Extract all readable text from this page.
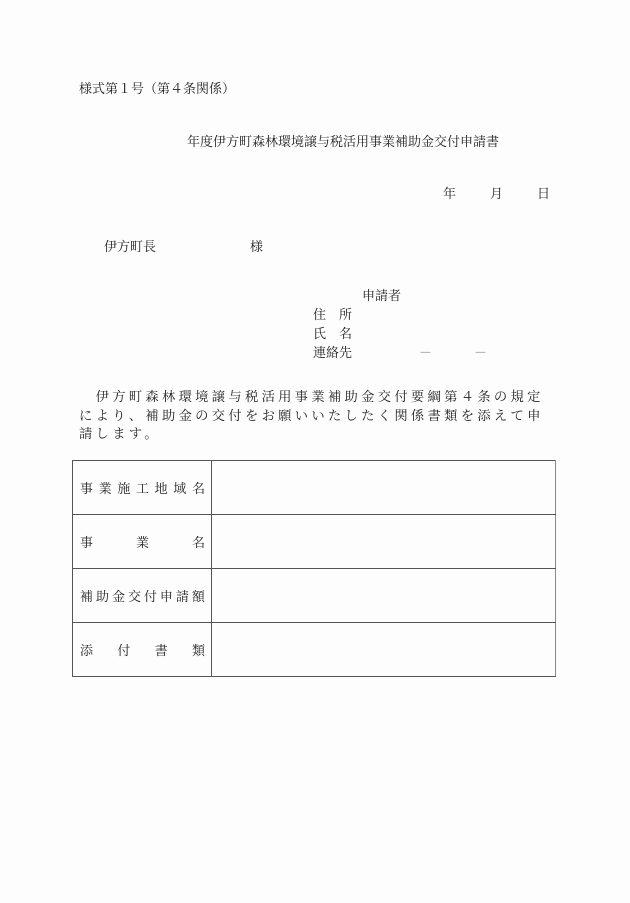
様式第１号（第４条関係）
年度伊方町森林環境譲与税活用事業補助金交付申請書
年	月	日
伊方町長	様
申請者
住　所
氏　名
連絡先	－	－
　伊方町森林環境譲与税活用事業補助金交付要綱第４条の規定により、補助金の交付をお願いいたしたく関係書類を添えて申請します。
事 業 施 工 地 域 名

事 業 名	

補 助 金 交 付 申 請 額

添 付 書 類	
